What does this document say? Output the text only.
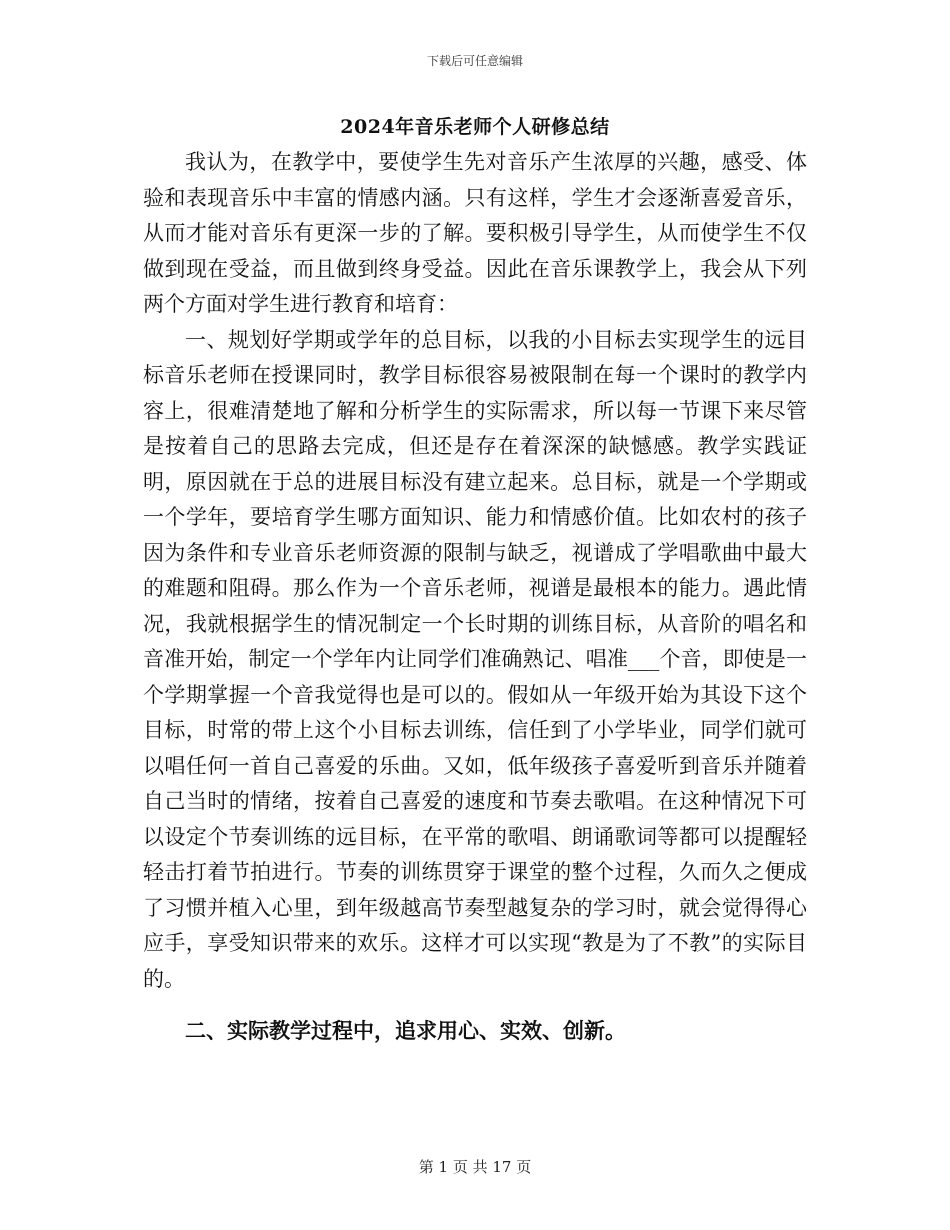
下载后可任意编辑
2024年音乐老师个人研修总结

我认为，在教学中，要使学生先对音乐产生浓厚的兴趣，感受、体验和表现音乐中丰富的情感内涵。只有这样，学生才会逐渐喜爱音乐，从而才能对音乐有更深一步的了解。要积极引导学生，从而使学生不仅做到现在受益，而且做到终身受益。因此在音乐课教学上，我会从下列两个方面对学生进行教育和培育：

一、规划好学期或学年的总目标，以我的小目标去实现学生的远目标音乐老师在授课同时，教学目标很容易被限制在每一个课时的教学内容上，很难清楚地了解和分析学生的实际需求，所以每一节课下来尽管是按着自己的思路去完成，但还是存在着深深的缺憾感。教学实践证明，原因就在于总的进展目标没有建立起来。总目标，就是一个学期或一个学年，要培育学生哪方面知识、能力和情感价值。比如农村的孩子因为条件和专业音乐老师资源的限制与缺乏，视谱成了学唱歌曲中最大的难题和阻碍。那么作为一个音乐老师，视谱是最根本的能力。遇此情况，我就根据学生的情况制定一个长时期的训练目标，从音阶的唱名和音准开始，制定一个学年内让同学们准确熟记、唱准___个音，即使是一个学期掌握一个音我觉得也是可以的。假如从一年级开始为其设下这个目标，时常的带上这个小目标去训练，信任到了小学毕业，同学们就可以唱任何一首自己喜爱的乐曲。又如，低年级孩子喜爱听到音乐并随着自己当时的情绪，按着自己喜爱的速度和节奏去歌唱。在这种情况下可以设定个节奏训练的远目标，在平常的歌唱、朗诵歌词等都可以提醒轻轻击打着节拍进行。节奏的训练贯穿于课堂的整个过程，久而久之便成了习惯并植入心里，到年级越高节奏型越复杂的学习时，就会觉得得心应手，享受知识带来的欢乐。这样才可以实现“教是为了不教”的实际目的。

二、实际教学过程中，追求用心、实效、创新。

第 1 页 共 17 页
